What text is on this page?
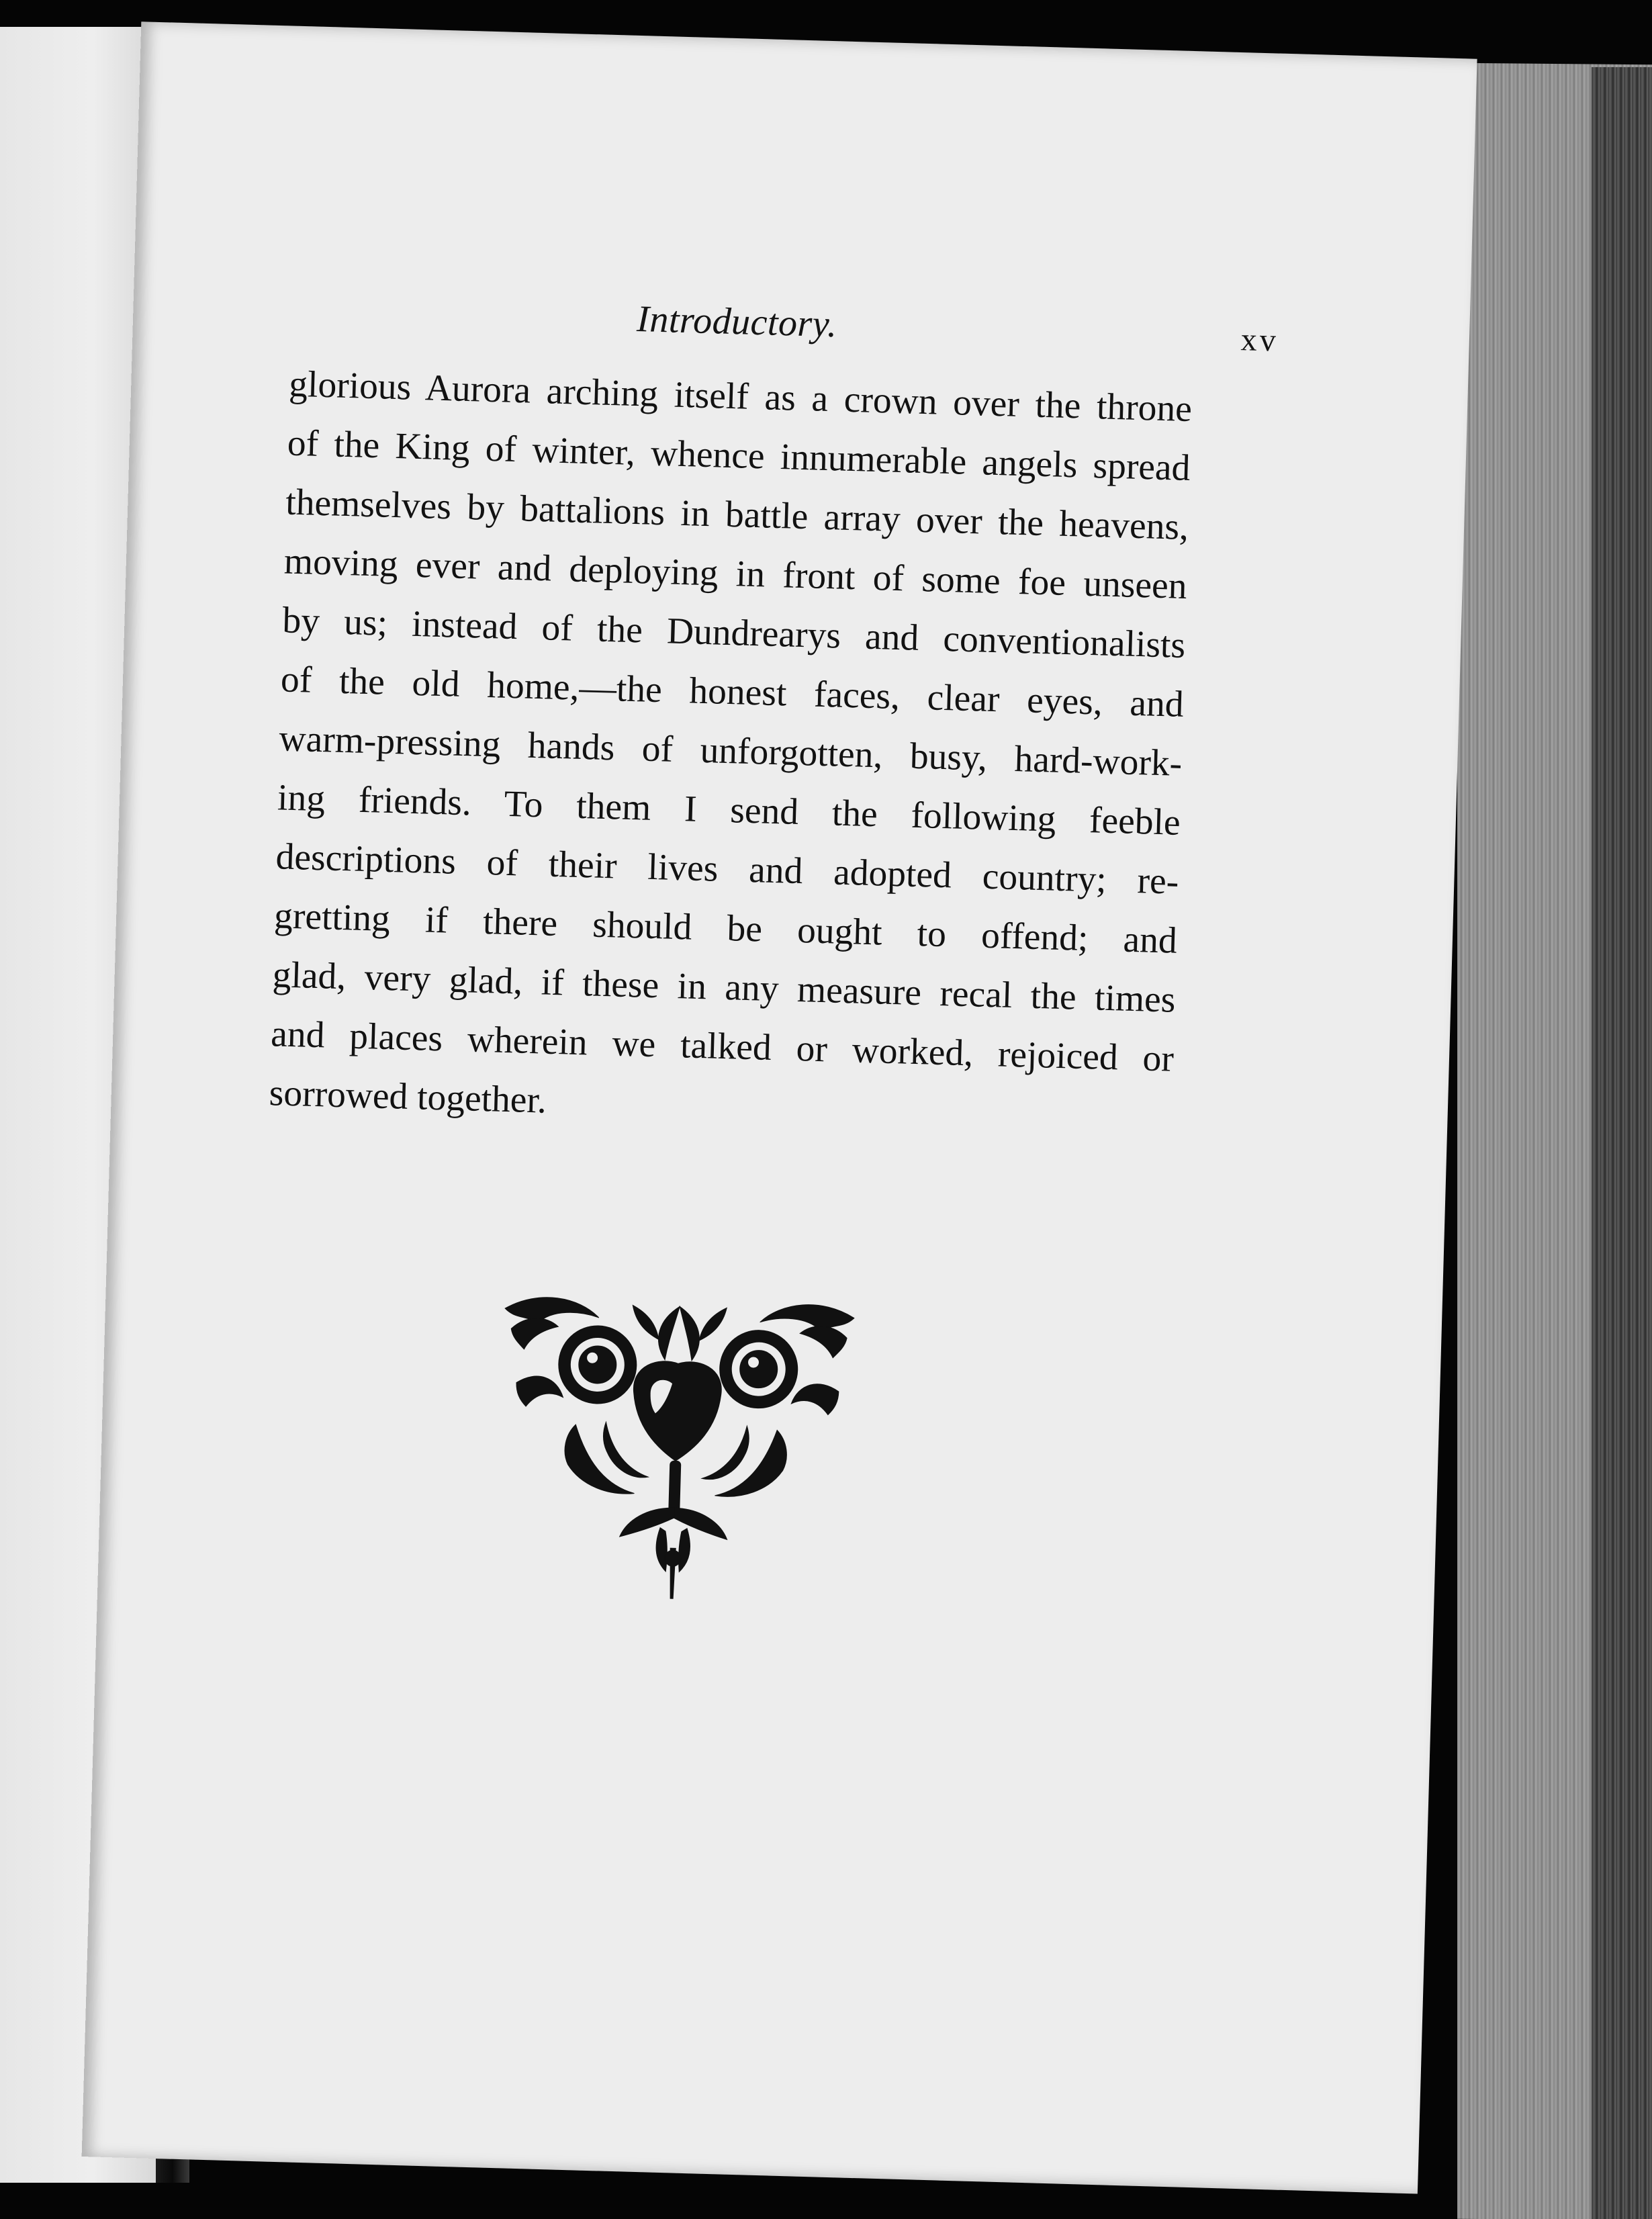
Introductory.	xv
glorious Aurora arching itself as a crown over the throne
of the King of winter, whence innumerable angels spread
themselves by battalions in battle array over the heavens,
moving ever and deploying in front of some foe unseen
by us; instead of the Dundrearys and conventionalists
of the old home,—the honest faces, clear eyes, and
warm-pressing hands of unforgotten, busy, hard-work-
ing friends. To them I send the following feeble
descriptions of their lives and adopted country; re-
gretting if there should be ought to offend; and
glad, very glad, if these in any measure recal the times
and places wherein we talked or worked, rejoiced or
sorrowed together.
